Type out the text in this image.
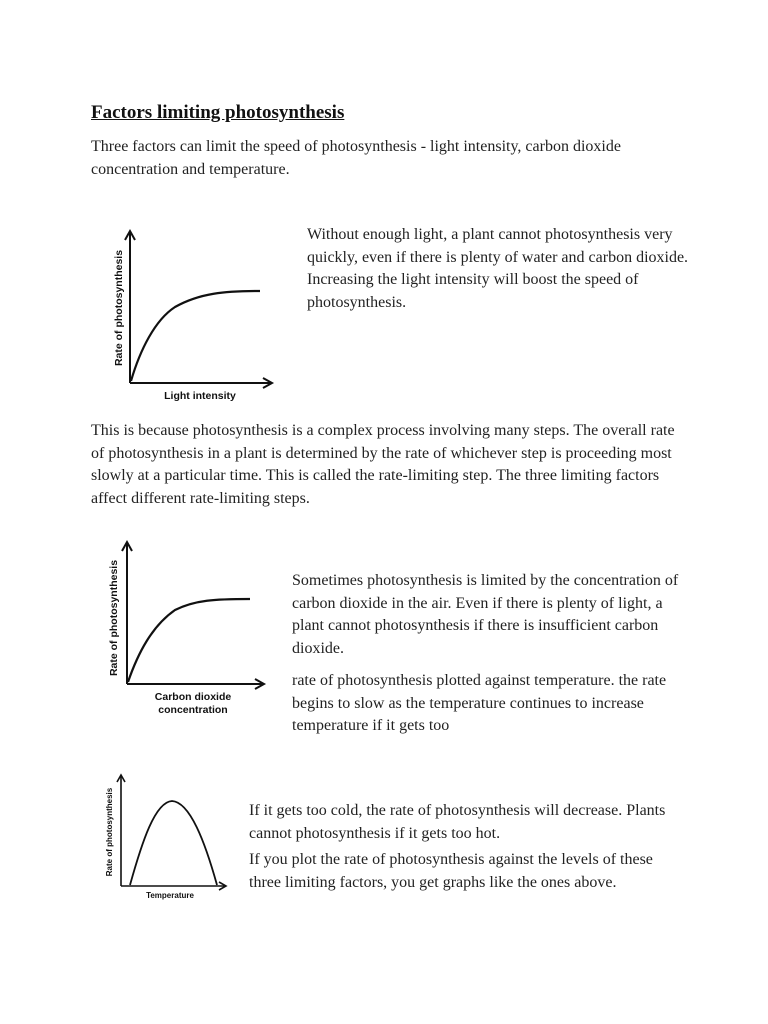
Factors limiting photosynthesis
Three factors can limit the speed of photosynthesis - light intensity, carbon dioxide concentration and temperature.
Rate of photosynthesis
Light intensity
Without enough light, a plant cannot photosynthesis very quickly, even if there is plenty of water and carbon dioxide. Increasing the light intensity will boost the speed of photosynthesis.
This is because photosynthesis is a complex process involving many steps. The overall rate of photosynthesis in a plant is determined by the rate of whichever step is proceeding most slowly at a particular time. This is called the rate-limiting step. The three limiting factors affect different rate-limiting steps.
Rate of photosynthesis
Carbon dioxide
concentration
Sometimes photosynthesis is limited by the concentration of carbon dioxide in the air. Even if there is plenty of light, a plant cannot photosynthesis if there is insufficient carbon dioxide.
rate of photosynthesis plotted against temperature. the rate begins to slow as the temperature continues to increase temperature if it gets too
Rate of photosynthesis
Temperature
If it gets too cold, the rate of photosynthesis will decrease. Plants cannot photosynthesis if it gets too hot.
If you plot the rate of photosynthesis against the levels of these three limiting factors, you get graphs like the ones above.
